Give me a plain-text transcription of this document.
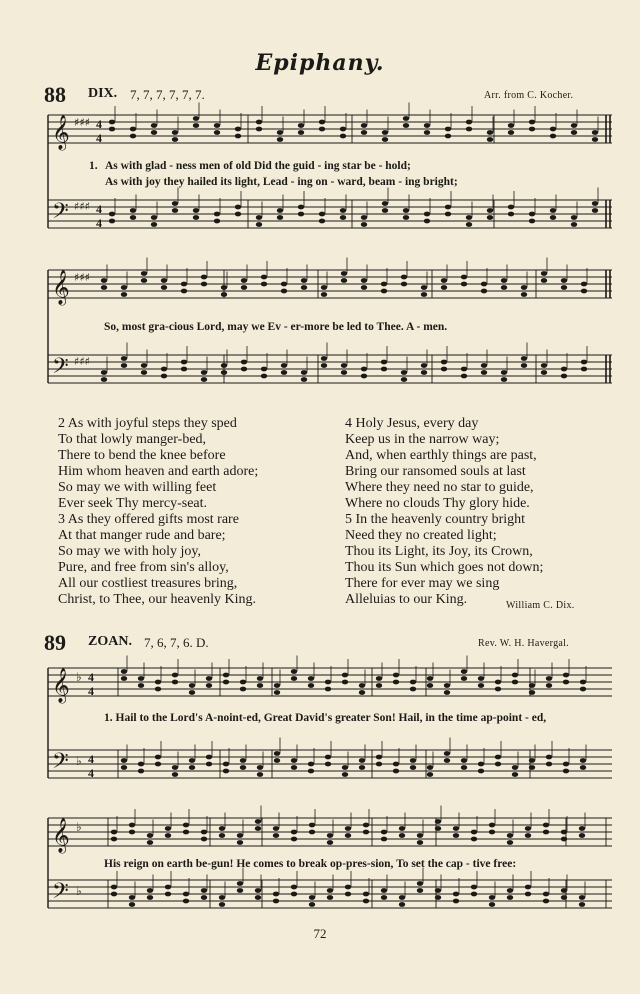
Epiphany.
88 DIX. 7, 7, 7, 7, 7, 7.	Arr. from C. Kocher.
𝄞
𝄢
𝄞
𝄢
𝄞
𝄢
𝄞
𝄢
♯♯♯
♯♯♯
♯♯♯
♯♯♯
♭
♭
♭
♭
4
4
4
4
4
4
4
4
1. As with glad - ness men of old Did the guid - ing star be - hold;
As with joy they hailed its light, Lead - ing on - ward, beam - ing bright;
So, most gra-cious Lord, may we Ev - er-more be led to Thee. A - men.
2 As with joyful steps they sped
To that lowly manger-bed,
There to bend the knee before
Him whom heaven and earth adore;
So may we with willing feet
Ever seek Thy mercy-seat.
3 As they offered gifts most rare
At that manger rude and bare;
So may we with holy joy,
Pure, and free from sin's alloy,
All our costliest treasures bring,
Christ, to Thee, our heavenly King.
4 Holy Jesus, every day
Keep us in the narrow way;
And, when earthly things are past,
Bring our ransomed souls at last
Where they need no star to guide,
Where no clouds Thy glory hide.
5 In the heavenly country bright
Need they no created light;
Thou its Light, its Joy, its Crown,
Thou its Sun which goes not down;
There for ever may we sing
Alleluias to our King.	William C. Dix.
89 ZOAN. 7, 6, 7, 6. D.	Rev. W. H. Havergal.
1. Hail to the Lord's A-noint-ed, Great David's greater Son! Hail, in the time ap-point - ed,
His reign on earth be-gun! He comes to break op-pres-sion, To set the cap - tive free:
72
